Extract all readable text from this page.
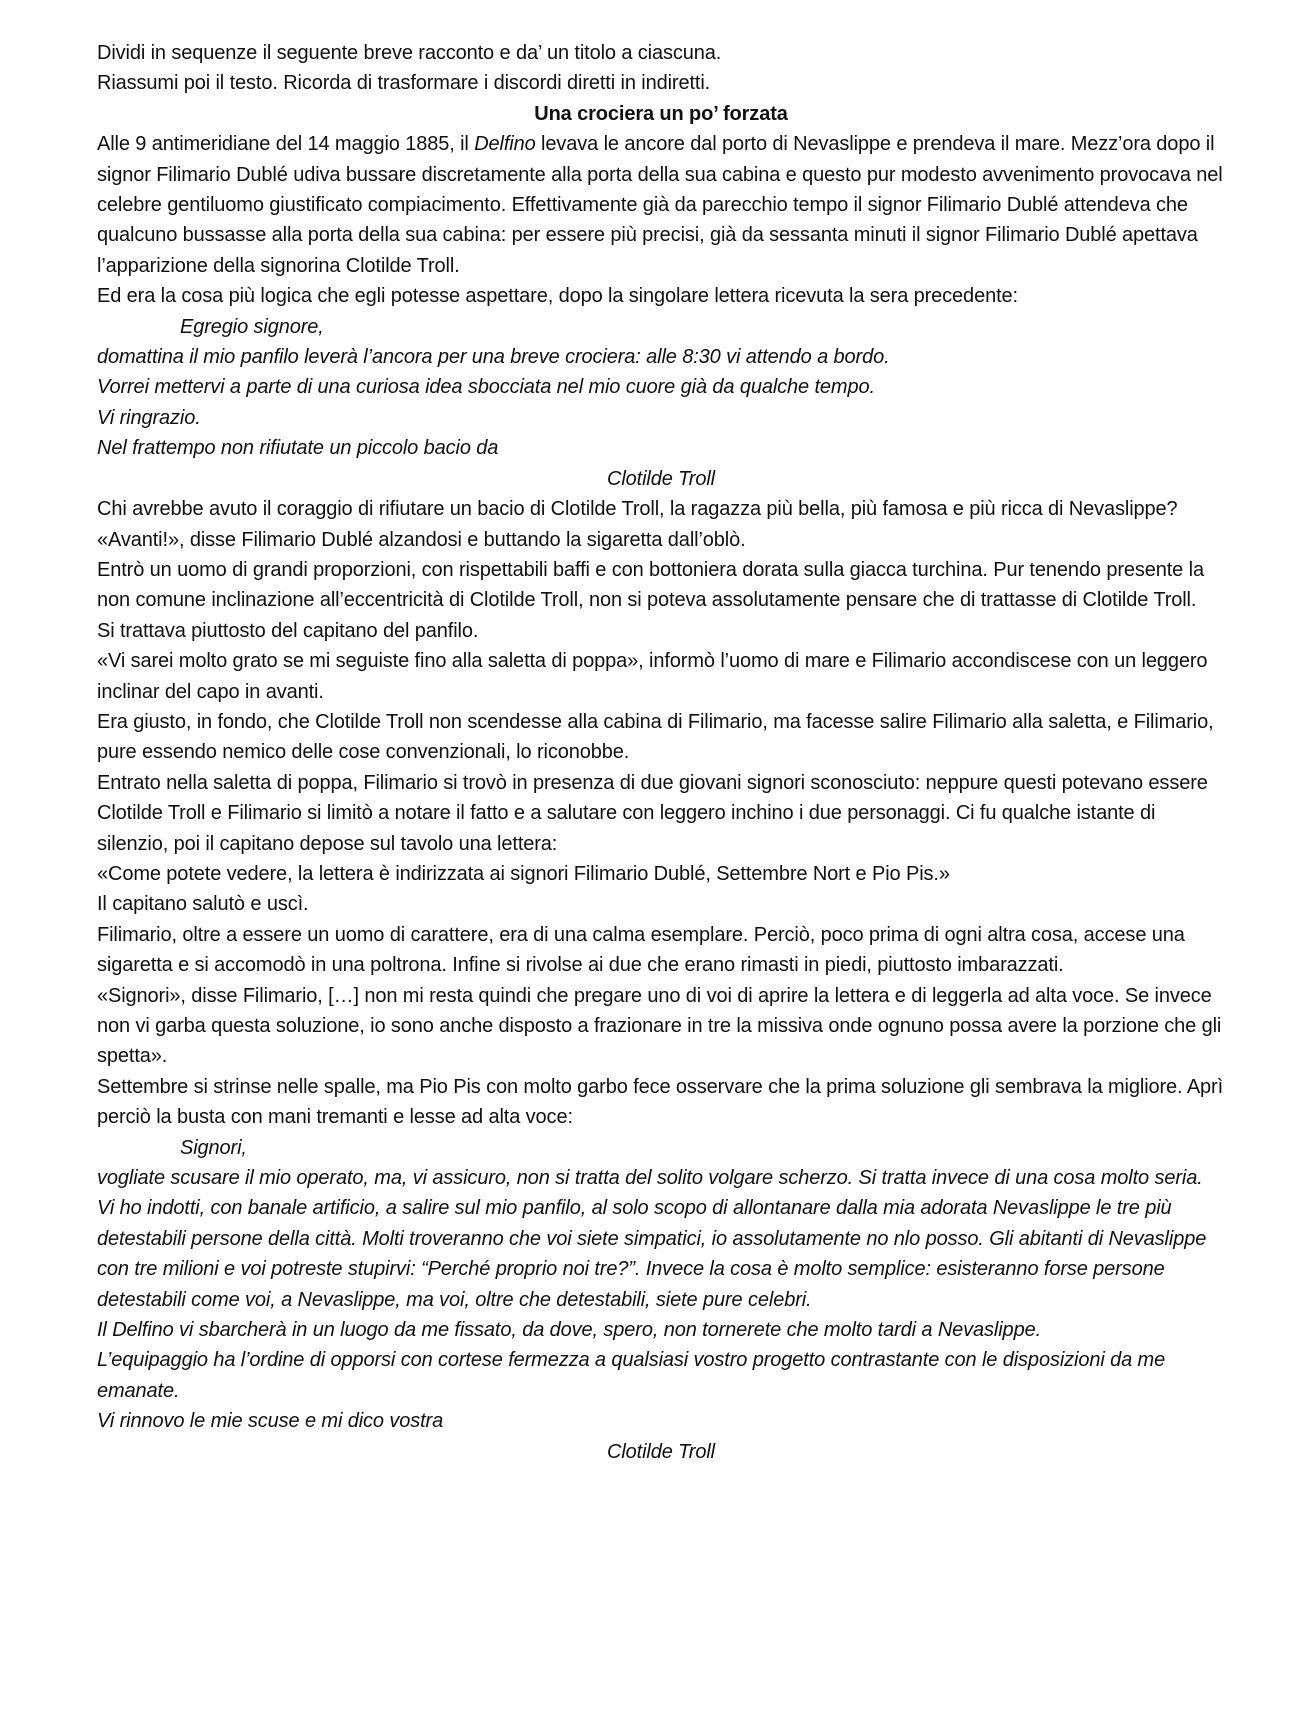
Dividi in sequenze il seguente breve racconto e da’ un titolo a ciascuna.

Riassumi poi il testo. Ricorda di trasformare i discordi diretti in indiretti.

Una crociera un po’ forzata

Alle 9 antimeridiane del 14 maggio 1885, il Delfino levava le ancore dal porto di Nevaslippe e prendeva il mare. Mezz’ora dopo il signor Filimario Dublé udiva bussare discretamente alla porta della sua cabina e questo pur modesto avvenimento provocava nel celebre gentiluomo giustificato compiacimento. Effettivamente già da parecchio tempo il signor Filimario Dublé attendeva che qualcuno bussasse alla porta della sua cabina: per essere più precisi, già da sessanta minuti il signor Filimario Dublé apettava l’apparizione della signorina Clotilde Troll.

Ed era la cosa più logica che egli potesse aspettare, dopo la singolare lettera ricevuta la sera precedente:

Egregio signore,

domattina il mio panfilo leverà l’ancora per una breve crociera: alle 8:30 vi attendo a bordo.

Vorrei mettervi a parte di una curiosa idea sbocciata nel mio cuore già da qualche tempo.

Vi ringrazio.

Nel frattempo non rifiutate un piccolo bacio da

Clotilde Troll

Chi avrebbe avuto il coraggio di rifiutare un bacio di Clotilde Troll, la ragazza più bella, più famosa e più ricca di Nevaslippe?

«Avanti!», disse Filimario Dublé alzandosi e buttando la sigaretta dall’oblò.

Entrò un uomo di grandi proporzioni, con rispettabili baffi e con bottoniera dorata sulla giacca turchina. Pur tenendo presente la non comune inclinazione all’eccentricità di Clotilde Troll, non si poteva assolutamente pensare che di trattasse di Clotilde Troll.

Si trattava piuttosto del capitano del panfilo.

«Vi sarei molto grato se mi seguiste fino alla saletta di poppa», informò l’uomo di mare e Filimario accondiscese con un leggero inclinar del capo in avanti.

Era giusto, in fondo, che Clotilde Troll non scendesse alla cabina di Filimario, ma facesse salire Filimario alla saletta, e Filimario, pure essendo nemico delle cose convenzionali, lo riconobbe.

Entrato nella saletta di poppa, Filimario si trovò in presenza di due giovani signori sconosciuto: neppure questi potevano essere Clotilde Troll e Filimario si limitò a notare il fatto e a salutare con leggero inchino i due personaggi. Ci fu qualche istante di silenzio, poi il capitano depose sul tavolo una lettera:

«Come potete vedere, la lettera è indirizzata ai signori Filimario Dublé, Settembre Nort e Pio Pis.»

Il capitano salutò e uscì.

Filimario, oltre a essere un uomo di carattere, era di una calma esemplare. Perciò, poco prima di ogni altra cosa, accese una sigaretta e si accomodò in una poltrona. Infine si rivolse ai due che erano rimasti in piedi, piuttosto imbarazzati.

«Signori», disse Filimario, […] non mi resta quindi che pregare uno di voi di aprire la lettera e di leggerla ad alta voce. Se invece non vi garba questa soluzione, io sono anche disposto a frazionare in tre la missiva onde ognuno possa avere la porzione che gli spetta».

Settembre si strinse nelle spalle, ma Pio Pis con molto garbo fece osservare che la prima soluzione gli sembrava la migliore. Aprì perciò la busta con mani tremanti e lesse ad alta voce:

Signori,

vogliate scusare il mio operato, ma, vi assicuro, non si tratta del solito volgare scherzo. Si tratta invece di una cosa molto seria.

Vi ho indotti, con banale artificio, a salire sul mio panfilo, al solo scopo di allontanare dalla mia adorata Nevaslippe le tre più detestabili persone della città. Molti troveranno che voi siete simpatici, io assolutamente no nlo posso. Gli abitanti di Nevaslippe con tre milioni e voi potreste stupirvi: “Perché proprio noi tre?”. Invece la cosa è molto semplice: esisteranno forse persone detestabili come voi, a Nevaslippe, ma voi, oltre che detestabili, siete pure celebri.

Il Delfino vi sbarcherà in un luogo da me fissato, da dove, spero, non tornerete che molto tardi a Nevaslippe.

L’equipaggio ha l’ordine di opporsi con cortese fermezza a qualsiasi vostro progetto contrastante con le disposizioni da me emanate.

Vi rinnovo le mie scuse e mi dico vostra

Clotilde Troll
